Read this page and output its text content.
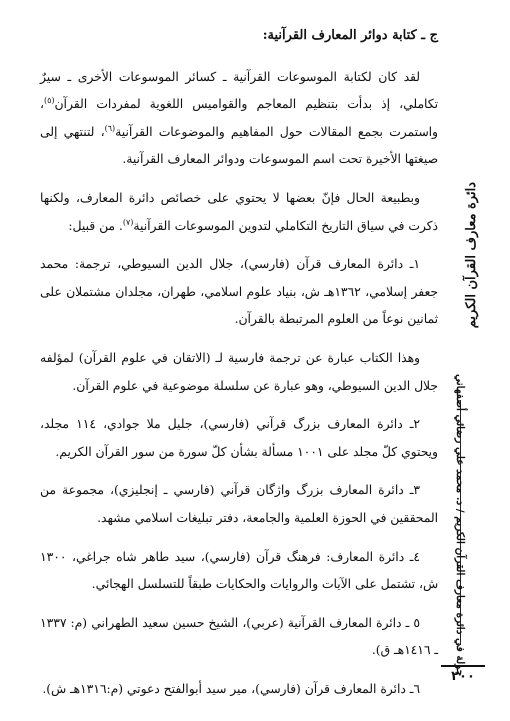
ج ـ كتابة دوائر المعارف القرآنية:

لقد كان لكتابة الموسوعات القرآنية ـ كسائر الموسوعات الأخرى ـ سيرٌ تكاملي، إذ بدأت بتنظيم المعاجم والقواميس اللغوية لمفردات القرآن$^{(٥)}$، واستمرت بجمع المقالات حول المفاهيم والموضوعات القرآنية$^{(٦)}$، لتنتهي إلى صيغتها الأخيرة تحت اسم الموسوعات ودوائر المعارف القرآنية.

وبطبيعة الحال فإنّ بعضها لا يحتوي على خصائص دائرة المعارف، ولكنها ذكرت في سياق التاريخ التكاملي لتدوين الموسوعات القرآنية$^{(٧)}$. من قبيل:

١ـ دائرة المعارف قرآن (فارسي)، جلال الدين السيوطي، ترجمة: محمد جعفر إسلامي، ١٣٦٢هـ ش، بنياد علوم اسلامي، طهران، مجلدان مشتملان على ثمانين نوعاً من العلوم المرتبطة بالقرآن.

وهذا الكتاب عبارة عن ترجمة فارسية لـ (الاتقان في علوم القرآن) لمؤلفه جلال الدين السيوطي، وهو عبارة عن سلسلة موضوعية في علوم القرآن.

٢ـ دائرة المعارف بزرگ قرآني (فارسي)، جليل ملا جوادي، ١١٤ مجلد، ويحتوي كلّ مجلد على ١٠٠١ مسألة بشأن كلّ سورة من سور القرآن الكريم.

٣ـ دائرة المعارف بزرگ واژگان قرآني (فارسي ـ إنجليزي)، مجموعة من المحققين في الحوزة العلمية والجامعة، دفتر تبليغات اسلامي مشهد.

٤ـ دائرة المعارف: فرهنگ قرآن (فارسي)، سيد طاهر شاه جراغي، ١٣٠٠ ش، تشتمل على الآيات والروايات والحكايات طبقاً للتسلسل الهجائي.

٥ ـ دائرة المعارف القرآنية (عربي)، الشيخ حسين سعيد الطهراني (م: ١٣٣٧ ـ ١٤١٦هـ ق).

٦ـ دائرة المعارف قرآن (فارسي)، مير سيد أبوالفتح دعوتي (م:١٣١٦هـ ش).

دائرة معارف القرآن الكريم
جولة في دائرة معارف القرآن الكريم / د. محمد علي رضائي أصفهاني
٢٠٠
